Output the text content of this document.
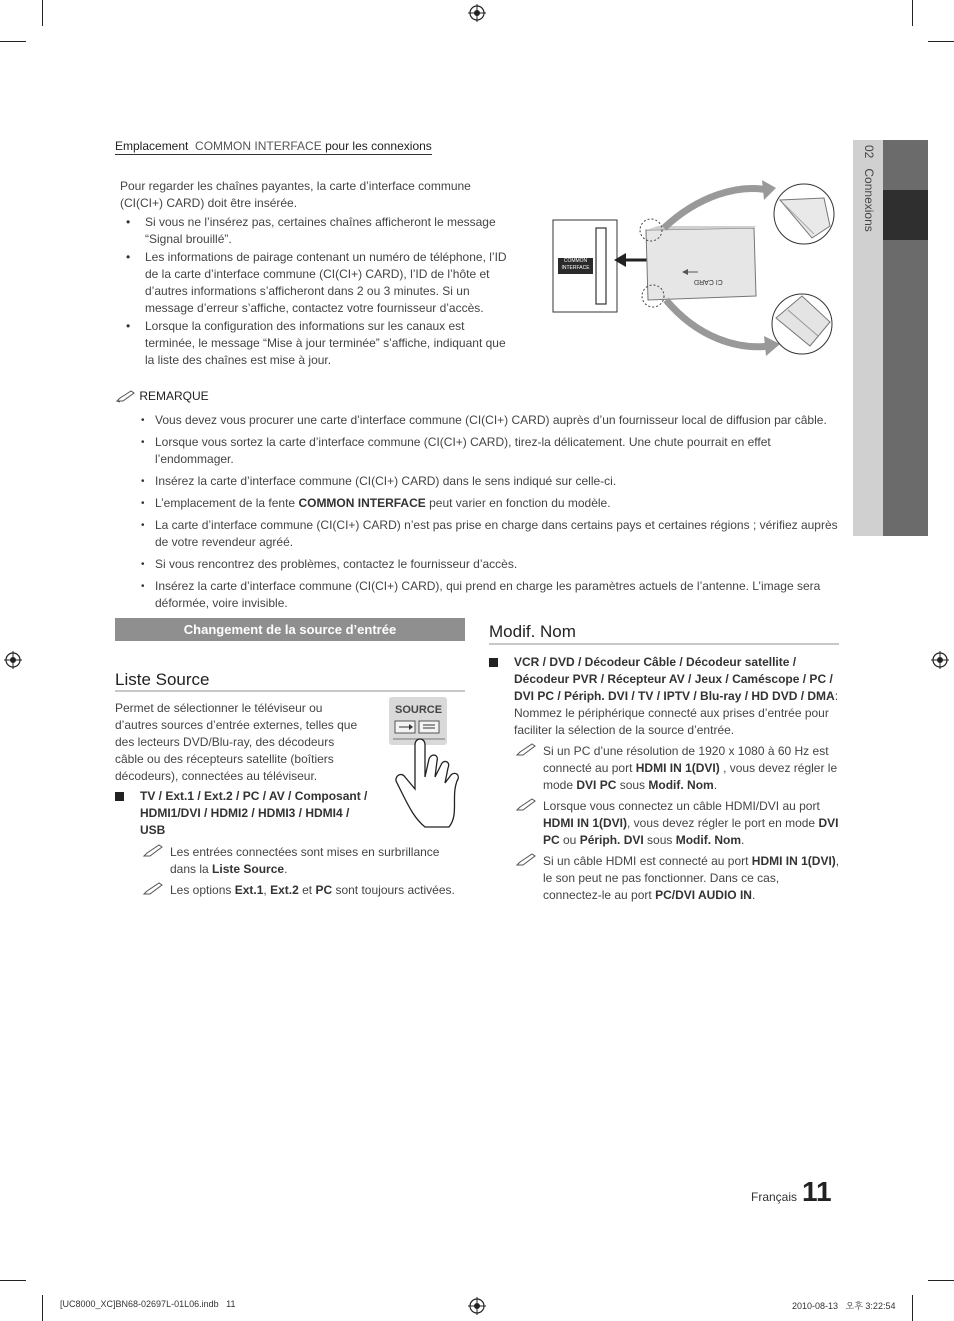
02   Connexions
Emplacement COMMON INTERFACE pour les connexions
Pour regarder les chaînes payantes, la carte d’interface commune (CI(CI+) CARD) doit être insérée.
• Si vous ne l’insérez pas, certaines chaînes afficheront le message “Signal brouillé”.
• Les informations de pairage contenant un numéro de téléphone, l’ID de la carte d’interface commune (CI(CI+) CARD), l’ID de l’hôte et d’autres informations s’afficheront dans 2 ou 3 minutes. Si un message d’erreur s’affiche, contactez votre fournisseur d’accès.
• Lorsque la configuration des informations sur les canaux est terminée, le message “Mise à jour terminée” s’affiche, indiquant que la liste des chaînes est mise à jour.
COMMON
INTERFACE
CI CARD
REMARQUE
• Vous devez vous procurer une carte d’interface commune (CI(CI+) CARD) auprès d’un fournisseur local de diffusion par câble.
• Lorsque vous sortez la carte d’interface commune (CI(CI+) CARD), tirez-la délicatement. Une chute pourrait en effet l’endommager.
• Insérez la carte d’interface commune (CI(CI+) CARD) dans le sens indiqué sur celle-ci.
• L’emplacement de la fente COMMON INTERFACE peut varier en fonction du modèle.
• La carte d’interface commune (CI(CI+) CARD) n’est pas prise en charge dans certains pays et certaines régions ; vérifiez auprès de votre revendeur agréé.
• Si vous rencontrez des problèmes, contactez le fournisseur d’accès.
• Insérez la carte d’interface commune (CI(CI+) CARD), qui prend en charge les paramètres actuels de l’antenne. L’image sera déformée, voire invisible.
Changement de la source d’entrée
Liste Source
Permet de sélectionner le téléviseur ou d’autres sources d’entrée externes, telles que des lecteurs DVD/Blu-ray, des décodeurs câble ou des récepteurs satellite (boîtiers décodeurs), connectées au téléviseur.
SOURCE
TV / Ext.1 / Ext.2 / PC / AV / Composant / HDMI1/DVI / HDMI2 / HDMI3 / HDMI4 / USB
Les entrées connectées sont mises en surbrillance dans la Liste Source.
Les options Ext.1, Ext.2 et PC sont toujours activées.
Modif. Nom
VCR / DVD / Décodeur Câble / Décodeur satellite / Décodeur PVR / Récepteur AV / Jeux / Caméscope / PC / DVI PC / Périph. DVI / TV / IPTV / Blu-ray / HD DVD / DMA: Nommez le périphérique connecté aux prises d’entrée pour faciliter la sélection de la source d’entrée.
Si un PC d’une résolution de 1920 x 1080 à 60 Hz est connecté au port HDMI IN 1(DVI) , vous devez régler le mode DVI PC sous Modif. Nom.
Lorsque vous connectez un câble HDMI/DVI au port HDMI IN 1(DVI), vous devez régler le port en mode DVI PC ou Périph. DVI sous Modif. Nom.
Si un câble HDMI est connecté au port HDMI IN 1(DVI), le son peut ne pas fonctionner. Dans ce cas, connectez-le au port PC/DVI AUDIO IN.
Français 11
[UC8000_XC]BN68-02697L-01L06.indb   11	2010-08-13   오후 3:22:54
